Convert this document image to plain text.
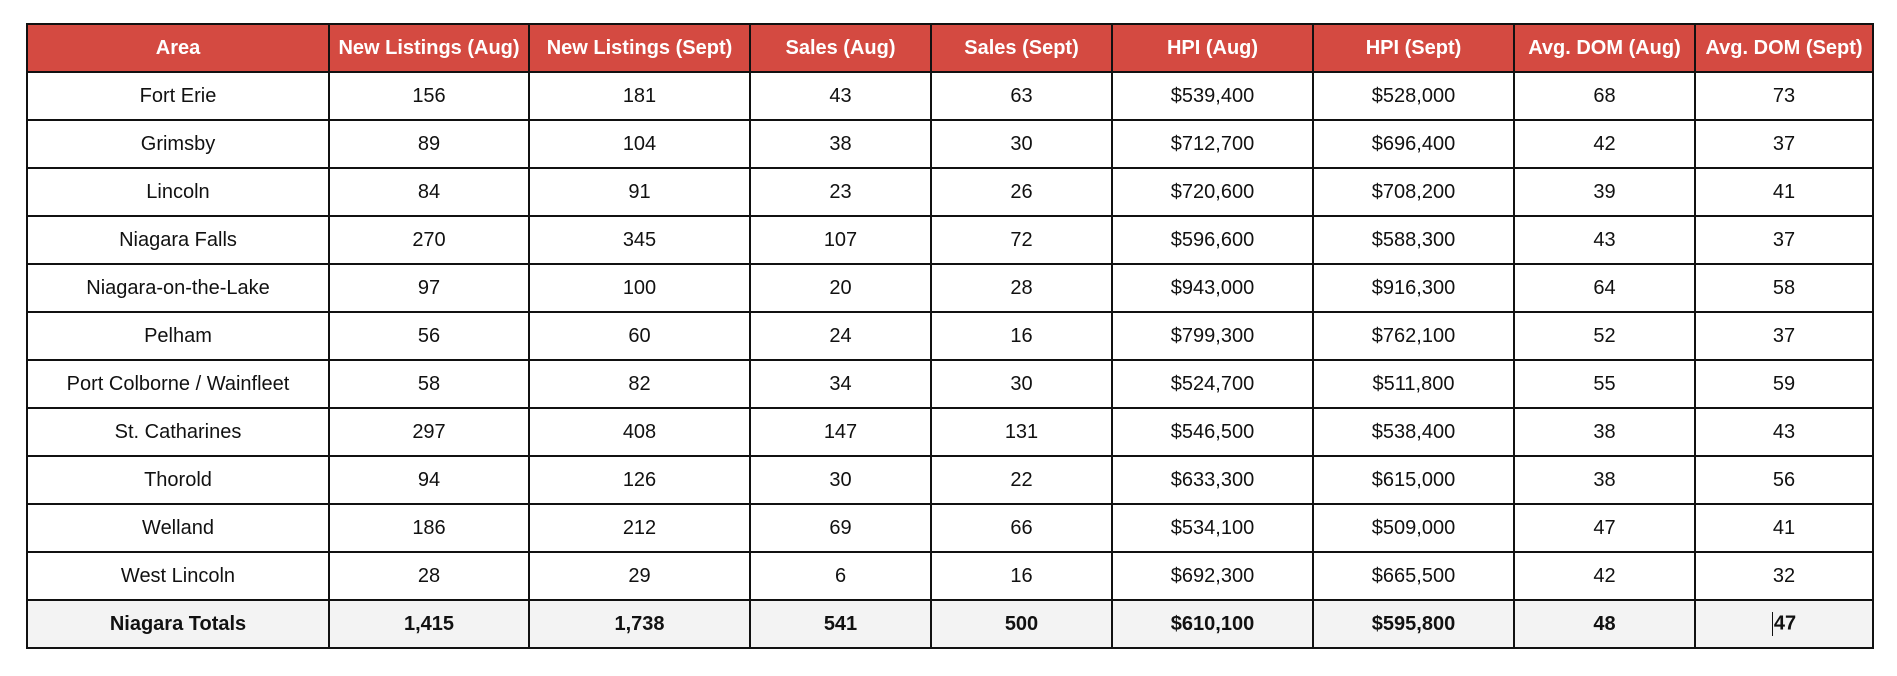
Area	New Listings (Aug)	New Listings (Sept)	Sales (Aug)	Sales (Sept)	HPI (Aug)	HPI (Sept)	Avg. DOM (Aug)	Avg. DOM (Sept)
Fort Erie	156	181	43	63	$539,400	$528,000	68	73
Grimsby	89	104	38	30	$712,700	$696,400	42	37
Lincoln	84	91	23	26	$720,600	$708,200	39	41
Niagara Falls	270	345	107	72	$596,600	$588,300	43	37
Niagara-on-the-Lake	97	100	20	28	$943,000	$916,300	64	58
Pelham	56	60	24	16	$799,300	$762,100	52	37
Port Colborne / Wainfleet	58	82	34	30	$524,700	$511,800	55	59
St. Catharines	297	408	147	131	$546,500	$538,400	38	43
Thorold	94	126	30	22	$633,300	$615,000	38	56
Welland	186	212	69	66	$534,100	$509,000	47	41
West Lincoln	28	29	6	16	$692,300	$665,500	42	32
Niagara Totals	1,415	1,738	541	500	$610,100	$595,800	48	47
